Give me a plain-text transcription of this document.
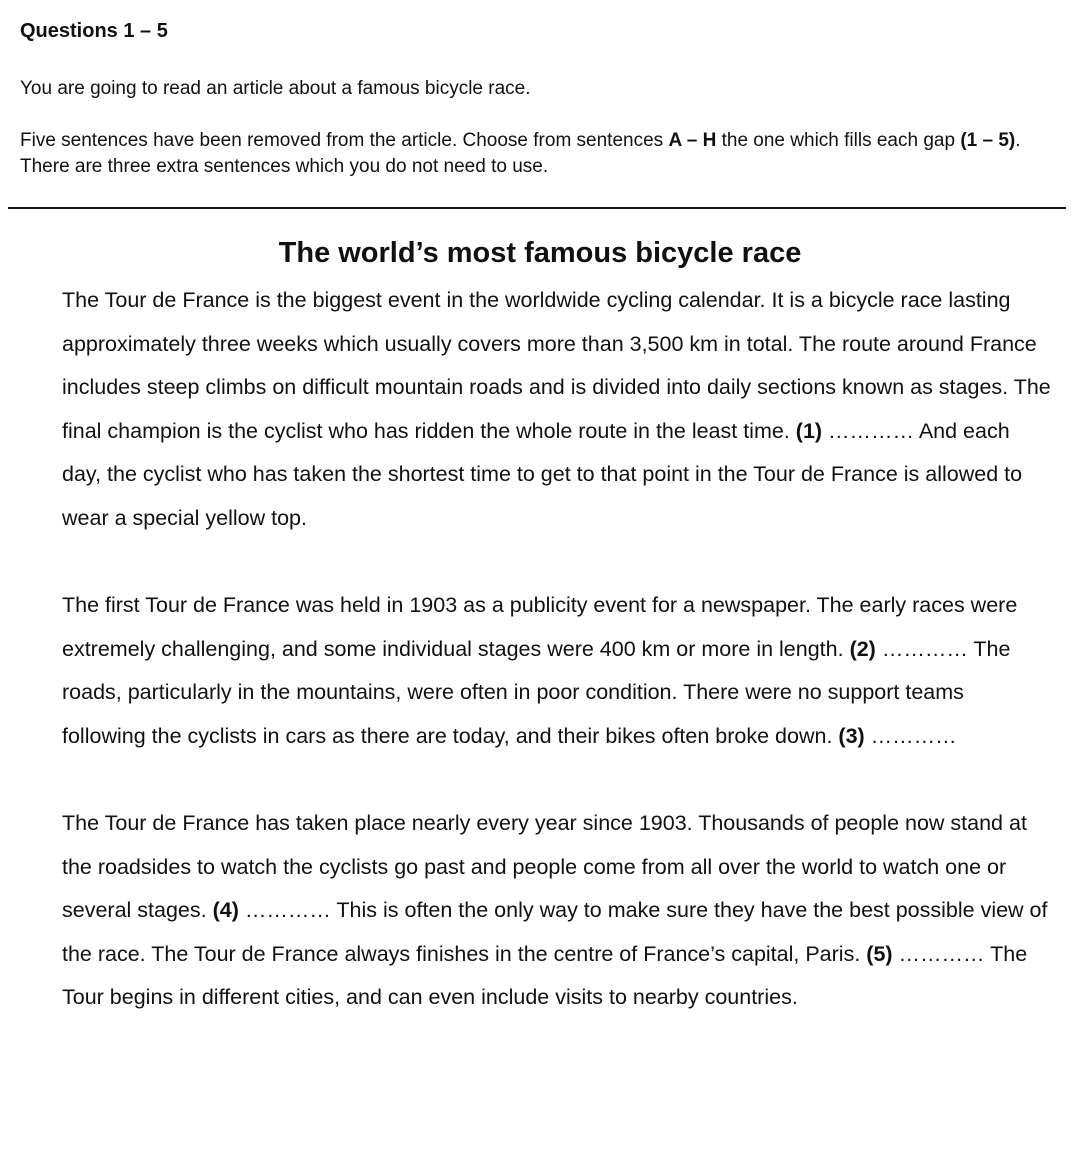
Questions 1 – 5
You are going to read an article about a famous bicycle race.
Five sentences have been removed from the article. Choose from sentences A – H the one which fills each gap (1 – 5). There are three extra sentences which you do not need to use.
The world’s most famous bicycle race

The Tour de France is the biggest event in the worldwide cycling calendar. It is a bicycle race lasting approximately three weeks which usually covers more than 3,500 km in total. The route around France includes steep climbs on difficult mountain roads and is divided into daily sections known as stages. The final champion is the cyclist who has ridden the whole route in the least time. (1) ………… And each day, the cyclist who has taken the shortest time to get to that point in the Tour de France is allowed to wear a special yellow top.

The first Tour de France was held in 1903 as a publicity event for a newspaper. The early races were extremely challenging, and some individual stages were 400 km or more in length. (2) ………… The roads, particularly in the mountains, were often in poor condition. There were no support teams following the cyclists in cars as there are today, and their bikes often broke down. (3) …………

The Tour de France has taken place nearly every year since 1903. Thousands of people now stand at the roadsides to watch the cyclists go past and people come from all over the world to watch one or several stages. (4) ………… This is often the only way to make sure they have the best possible view of the race. The Tour de France always finishes in the centre of France’s capital, Paris. (5) ………… The Tour begins in different cities, and can even include visits to nearby countries.
